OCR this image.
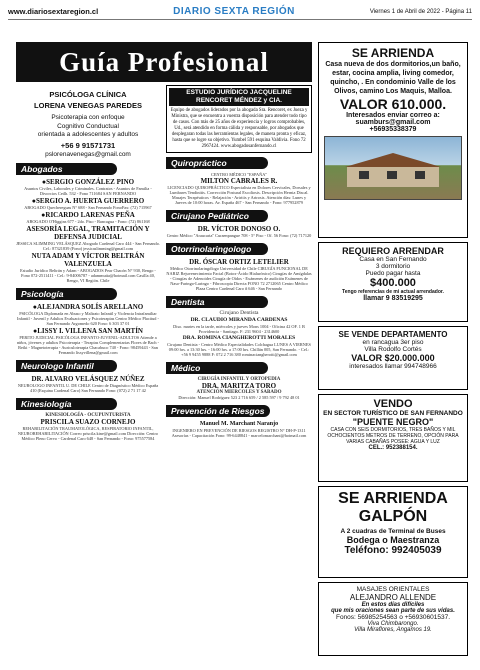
www.diariosextaregion.cl	DIARIO SEXTA REGIÓN	Viernes 1 de Abril de 2022 - Página 11
Guía Profesional
PSICÓLOGA CLÍNICA
LORENA VENEGAS PAREDES
Psicoterapia con enfoque
Cognitivo Conductual
orientada a adolescentes y adultos
+56 9 91571731
pslorenavenegas@gmail.com
Abogados
● SERGIO GONZÁLEZ PINO
Asuntos Civiles, Laborales y Criminales. Contratos - Asuntos de Familia - Divorcios Cetlh. 532 - Fono 711684 SAN FERNANDO
● SERGIO A. HUERTA GUERRERO
ABOGADO Quechereguas N° 688 - San Fernando FonoFax: (72) 715967
● RICARDO LARENAS PEÑA
ABOGADO O'Higgins 677 - 2do. Piso - Rancagua - Fono: (72) 861168
ASESORÍA LEGAL, TRAMITACIÓN Y DEFENSA JUDICIAL
JESSICA SLIMMING VELÁSQUEZ Abogado Cardenal Caro 444 - San Fernando. Cel.: 87321839 (Fono) jessicaslimming@gmail.com
NUTA ADAM Y VÍCTOR BELTRÁN VALENZUELA
Estudio Jurídico Beltrán y Adam - ABOGADOS Pear Chacón N° 930, Rengo - Fono 072-2511411 - Cel.: 9-84006787 - adammutta@hotmail.com Casilla 40, Rengo, VI Región. Chile
Psicología
● ALEJANDRA SOLÍS ARELLANO
PSICÓLOGA Diplomada en Abuso y Maltrato Infantil y Violencia Intrafamiliar Infantil - Juvenil y Adultos Evaluaciones y Psicoterapias Centro Médico Placitud - San Fernando Argomedo 620 Fono: 6 303 37 01
● LISSY I. VILLENA SAN MARTÍN
PERITO JUDICIAL PSICÓLOGA INFANTO-JUVENIL-ADULTOS Atiende a niños, jóvenes y adultos Psicoterapia - Terapias Complementarias Flores de Bach - Reiki - Magnetoterapia - Auriculoterapia Chacabuco 740 - Fono: 98459443 - San Fernando lissyvillena@gmail.com
Neurologo Infantil
DR. ALVARO VELÁSQUEZ NÚÑEZ
NEUROLOGO INFANTIL U. DE CHILE Centro de Diagnóstico Médico España 410 (Esquina Cardenal Caro) San Fernando Fono: (072) 2 71 17 42
Kinesiología
KINESIOLOGÍA - OCUPUNTURISTA
PRISCILA SUAZO CORNEJO
REHABILITACIÓN TRAUMATOLÓGICA, RESPIRATORIO INFANTIL, NEUROREHABILITACIÓN Correo priscila.kine@gmail.com Dirección: Centro Médico Pleno Cervo - Cardenal Caro 648 - San Fernando - Fono: 975577584
ESTUDIO JURÍDICO JACQUELINE RENCORET MÉNDEZ y CIA.
Equipo de abogados liderados por la abogada Sra. Rencoret, ex Jueza y Ministra, que se encuentra a vuestra disposición para atender todo tipo de casos. Con más de 25 años de experiencia y logros comprobables, Ud., será atendido en forma cálida y responsable, por abogados que desplegaran todas las herramientas legales, de manera pronta y eficaz, hasta que se logre su objetivo. Yumbel 591 esquina Valdivia. Fono 72 2967424. www.abogadosanfernando.cl
Quiropráctico
CENTRO MÉDICO "ESPAÑA"
MILTON CABRALES R.
LICENCIADO QUIROPRÁCTICO Especialista en Dolores Cervicales, Dorsales y Lumbares Tendinitis. Corrección Postural Escoliosis. Descripción Hernia Discal. Masajes Terapéuticos - Relajación - Artritis y Artrosis. Atención días: Lunes y Jueves de 10:00 horas. Av. España 467 - San Fernando - Fono: 977952879
Cirujano Pediátrico
DR. VÍCTOR DONOSO O.
Centro Médico "Araucaria" Curaenpangue 708 - 5° Piso - Of. 56 Fono: (72) 717120
Otorrinolaringologo
DR. ÓSCAR ORTIZ LETELIER
Médico Otorrinolaringólogo Universidad de Chile CIRUGÍA FUNCIONAL DE NARIZ Rejuvenecimiento Facial (Botox-Ácido Hialurónico) Cirugías de Amígdalas - Cirugías de Adenoides Cirugía de Oídos - Exámenes de audición Exámenes de Naso-Faringo-Laringo - Fibroscopia Directa FONO 72 2712065 Centro Médico Plaza Centro Cardenal Caro # 646 - San Fernando
Dentista
Cirujano Dentista
DR. CLAUDIO MIRANDA CARDENAS
Diso. martes en la tarde, miércoles y jueves Mons 1004 - Oficina 42 OF. 1 B Providencia - Santiago. F: 231 9604 - 2314600
DRA. ROMINA CIANGHEROTTI MORALES
Cirujano Dentista - Centro Médico Especialidades Colchagua LUNES A VIERNES 09:00 hrs. a 13:30 hrs. - 16:00 hrs. a 17:00 hrs. Chillán 005, San Fernando. - Cel.: +56 9 9455 9888 F: 072 2 716 380 rominaciangherotti@gmail.com
Médico
CIRUGÍA INFANTIL Y ORTOPEDIA
DRA. MARITZA TORO
ATENCIÓN MIERCOLES Y SABADO
Dirección: Manuel Rodríguez 523 2 716 659 / 2 585 597 / 9 792 48 01
Prevención de Riesgos
Manuel M. Marchant Naranjo
INGENIERO EN PREVENCIÓN DE RIESGOS REGISTRO N° DH-P-1311 Asesorías - Capacitación Fono: 99-6448841 - marcelomarchant@hotmail.com
SE ARRIENDA
Casa nueva de dos dormitorios,un baño, estar, cocina amplia, living comedor, quincho, . En condominio Valle de los Olivos, camino Los Maquis, Malloa.
VALOR 610.000.
Interesados enviar correo a: suamburs@gmail.com
+56935338379
REQUIERO ARRENDAR
Casa en San Fernando
3 dormitorio
Puedo pagar hasta
$400.000
Tengo referencias de mi actual arrendador.
llamar 9 83519295
SE VENDE DEPARTAMENTO
en rancagua 3er piso
Villa Rodolfo Cortés
VALOR $20.000.000
interesados llamar 994748966
VENDO
EN SECTOR TURÍSTICO DE SAN FERNANDO
"PUENTE NEGRO"
CASA CON SEIS DORMITORIOS, TRES BAÑOS Y MIL OCHOCIENTOS METROS DE TERRENO, OPCIÓN PARA VARIAS CABAÑAS POSEE: AGUA Y LUZ
CEL.: 952388154.
SE ARRIENDA GALPÓN
A 2 cuadras de Terminal de Buses
Bodega o Maestranza
Teléfono: 992405039
MASAJES ORIENTALES
ALEJANDRO ALLENDE
En estos días difíciles
que mis oraciones sean parte de sus vidas.
Fonos: 56985254563 o +56930601537.
Viva Chimbarongo.
Villa Miraflores, Angamos 19.
